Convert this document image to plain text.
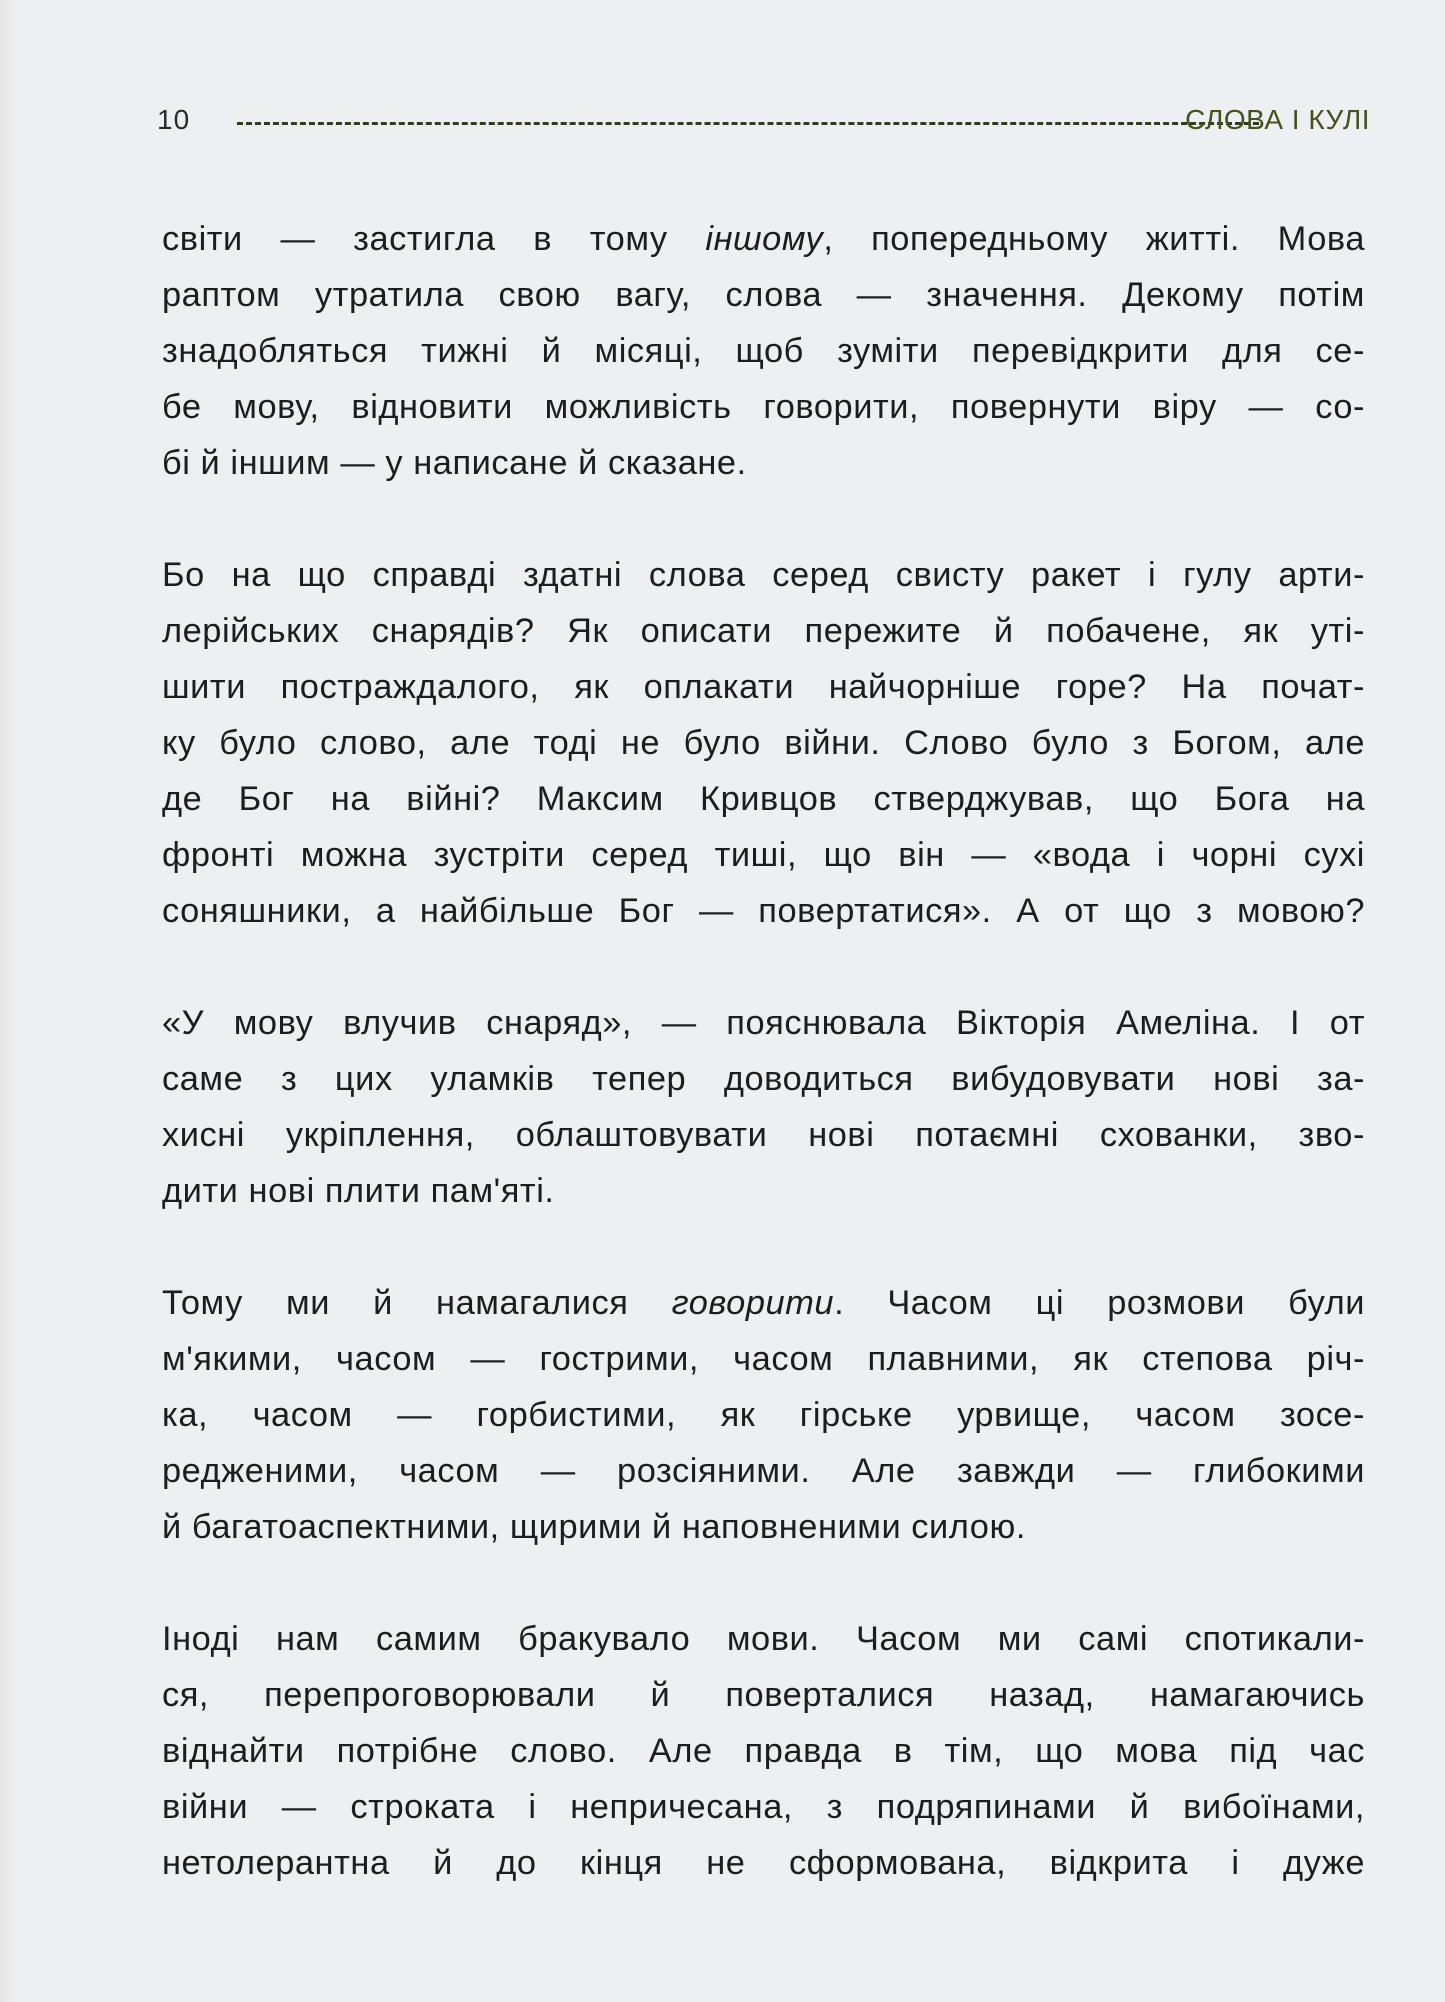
10	СЛОВА І КУЛІ

світи — застигла в тому іншому, попередньому житті. Мова
раптом утратила свою вагу, слова — значення. Декому потім
знадобляться тижні й місяці, щоб зуміти перевідкрити для се-
бе мову, відновити можливість говорити, повернути віру — со-
бі й іншим — у написане й сказане.

Бо на що справді здатні слова серед свисту ракет і гулу арти-
лерійських снарядів? Як описати пережите й побачене, як уті-
шити постраждалого, як оплакати найчорніше горе? На почат-
ку було слово, але тоді не було війни. Слово було з Богом, але
де Бог на війні? Максим Кривцов стверджував, що Бога на
фронті можна зустріти серед тиші, що він — «вода і чорні сухі
соняшники, а найбільше Бог — повертатися». А от що з мовою?

«У мову влучив снаряд», — пояснювала Вікторія Амеліна. І от
саме з цих уламків тепер доводиться вибудовувати нові за-
хисні укріплення, облаштовувати нові потаємні схованки, зво-
дити нові плити пам'яті.

Тому ми й намагалися говорити. Часом ці розмови були
м'якими, часом — гострими, часом плавними, як степова річ-
ка, часом — горбистими, як гірське урвище, часом зосе-
редженими, часом — розсіяними. Але завжди — глибокими
й багатоаспектними, щирими й наповненими силою.

Іноді нам самим бракувало мови. Часом ми самі спотикали-
ся, перепроговорювали й поверталися назад, намагаючись
віднайти потрібне слово. Але правда в тім, що мова під час
війни — строката і непричесана, з подряпинами й вибоїнами,
нетолерантна й до кінця не сформована, відкрита і дуже
